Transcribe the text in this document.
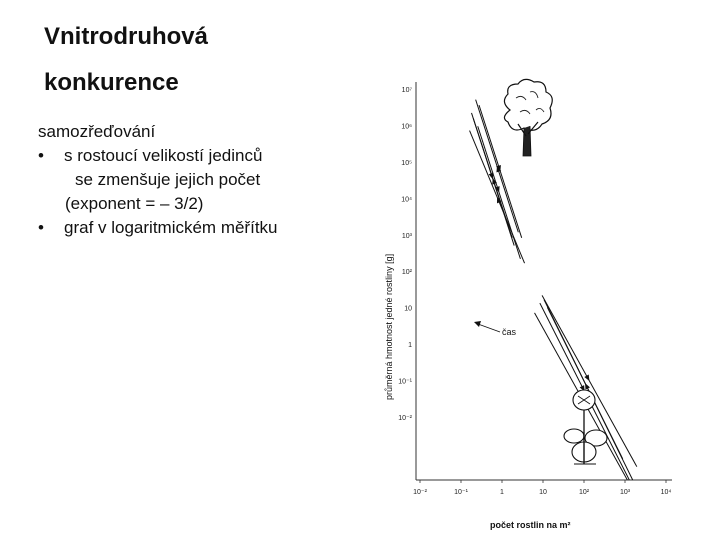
Vnitrodruhová
konkurence
samozřeďování
• s rostoucí velikostí jedinců
se zmenšuje jejich počet
(exponent = – 3/2)
• graf v logaritmickém měřítku
10⁻²	10⁻¹	1	10	10²	10³	10⁴
10⁷
10⁶
10⁵
10⁴
10³
10²
10
1
10⁻¹
10⁻²
čas
průměrná hmotnost jedné rostliny [g]
počet rostlin na m²
